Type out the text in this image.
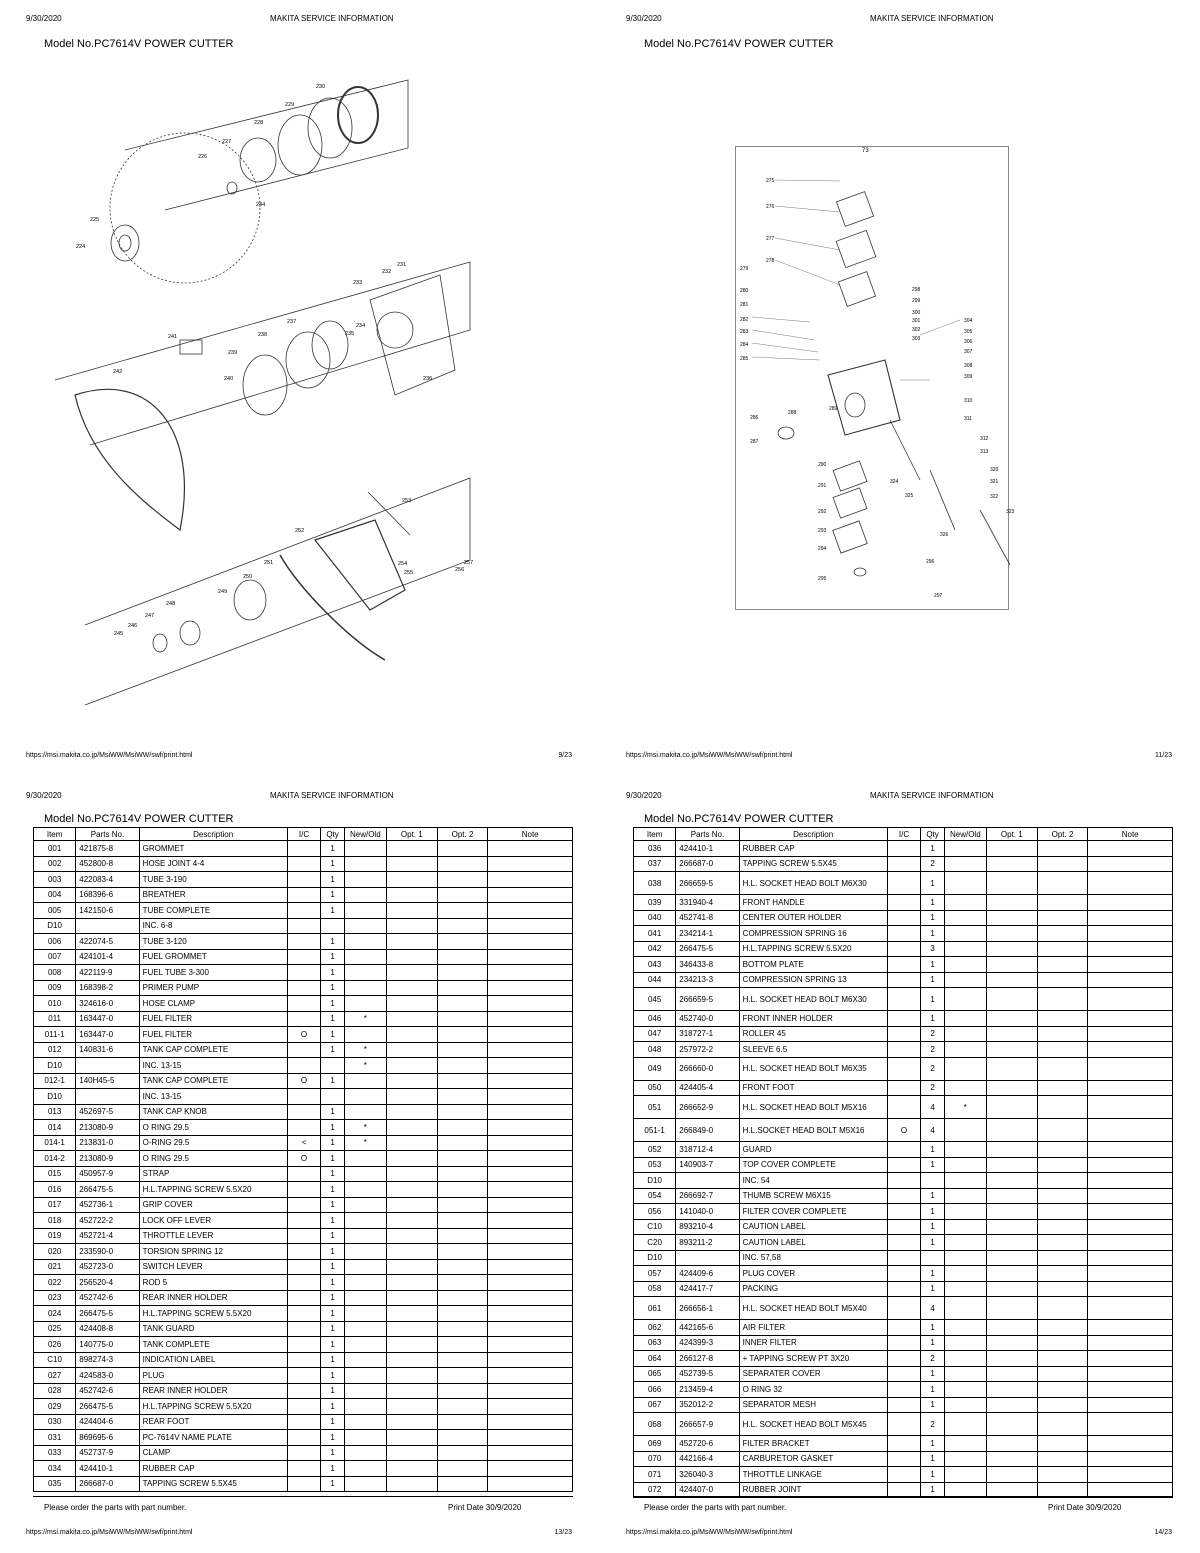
9/30/2020	MAKITA SERVICE INFORMATION
Model No.PC7614V POWER CUTTER
230
229
228
227
226
244
225
224
231
232
233
237
234
235
236
241	238
239
240
242
253
252
251
250
249
248
247
246
245
254
255	256
257
https://msi.makita.co.jp/MsiWW/MsiWW/swf/print.html	9/23
9/30/2020	MAKITA SERVICE INFORMATION
Model No.PC7614V POWER CUTTER
73
275
276
277
278
279
280
281
282
283
284
285
286
287
288
289
290
291
292
293
294
295
296
297
298
299
300
301
302
303
304
305
306
307
308
309
310
311
312
313
320
321
322
323
324
325
326
https://msi.makita.co.jp/MsiWW/MsiWW/swf/print.html	11/23
9/30/2020	MAKITA SERVICE INFORMATION
Model No.PC7614V POWER CUTTER
Item	Parts No.	Description	I/C	Qty	New/Old	Opt. 1	Opt. 2	Note
001	421875-8	GROMMET		1				
002	452800-8	HOSE JOINT 4-4		1				
003	422083-4	TUBE 3-190		1				
004	168396-6	BREATHER		1				
005	142150-6	TUBE COMPLETE		1				
D10		INC. 6-8						
006	422074-5	TUBE 3-120		1				
007	424101-4	FUEL GROMMET		1				
008	422119-9	FUEL TUBE 3-300		1				
009	168398-2	PRIMER PUMP		1				
010	324616-0	HOSE CLAMP		1				
011	163447-0	FUEL FILTER		1	*			
011-1	163447-0	FUEL FILTER	O	1				
012	140831-6	TANK CAP COMPLETE		1	*			
D10		INC. 13-15			*			
012-1	140H45-5	TANK CAP COMPLETE	O	1				
D10		INC. 13-15						
013	452697-5	TANK CAP KNOB		1				
014	213080-9	O RING 29.5		1	*			
014-1	213831-0	O-RING 29.5	<	1	*			
014-2	213080-9	O RING 29.5	O	1				
015	450957-9	STRAP		1				
016	266475-5	H.L.TAPPING SCREW 5.5X20		1				
017	452736-1	GRIP COVER		1				
018	452722-2	LOCK OFF LEVER		1				
019	452721-4	THROTTLE LEVER		1				
020	233590-0	TORSION SPRING 12		1				
021	452723-0	SWITCH LEVER		1				
022	256520-4	ROD 5		1				
023	452742-6	REAR INNER HOLDER		1				
024	266475-5	H.L.TAPPING SCREW 5.5X20		1				
025	424408-8	TANK GUARD		1				
026	140775-0	TANK COMPLETE		1				
C10	898274-3	INDICATION LABEL		1				
027	424583-0	PLUG		1				
028	452742-6	REAR INNER HOLDER		1				
029	266475-5	H.L.TAPPING SCREW 5.5X20		1				
030	424404-6	REAR FOOT		1				
031	869695-6	PC-7614V NAME PLATE		1				
033	452737-9	CLAMP		1				
034	424410-1	RUBBER CAP		1				
035	266687-0	TAPPING SCREW 5.5X45		1				
Please order the parts with part number.	Print Date 30/9/2020
https://msi.makita.co.jp/MsiWW/MsiWW/swf/print.html	13/23
9/30/2020	MAKITA SERVICE INFORMATION
Model No.PC7614V POWER CUTTER
Item	Parts No.	Description	I/C	Qty	New/Old	Opt. 1	Opt. 2	Note
036	424410-1	RUBBER CAP		1				
037	266687-0	TAPPING SCREW 5.5X45		2				
038	266659-5	H.L. SOCKET HEAD BOLT M6X30		1				
039	331940-4	FRONT HANDLE		1				
040	452741-8	CENTER OUTER HOLDER		1				
041	234214-1	COMPRESSION SPRING 16		1				
042	266475-5	H.L.TAPPING SCREW 5.5X20		3				
043	346433-8	BOTTOM PLATE		1				
044	234213-3	COMPRESSION SPRING 13		1				
045	266659-5	H.L. SOCKET HEAD BOLT M6X30		1				
046	452740-0	FRONT INNER HOLDER		1				
047	318727-1	ROLLER 45		2				
048	257972-2	SLEEVE 6.5		2				
049	266660-0	H.L. SOCKET HEAD BOLT M6X35		2				
050	424405-4	FRONT FOOT		2				
051	266652-9	H.L. SOCKET HEAD BOLT M5X16		4	*			
051-1	266849-0	H.L.SOCKET HEAD BOLT M5X16	O	4				
052	318712-4	GUARD		1				
053	140903-7	TOP COVER COMPLETE		1				
D10		INC. 54						
054	266692-7	THUMB SCREW M6X15		1				
056	141040-0	FILTER COVER COMPLETE		1				
C10	893210-4	CAUTION LABEL		1				
C20	893211-2	CAUTION LABEL		1				
D10		INC. 57,58						
057	424409-6	PLUG COVER		1				
058	424417-7	PACKING		1				
061	266656-1	H.L. SOCKET HEAD BOLT M5X40		4				
062	442165-6	AIR FILTER		1				
063	424399-3	INNER FILTER		1				
064	266127-8	+ TAPPING SCREW PT 3X20		2				
065	452739-5	SEPARATER COVER		1				
066	213459-4	O RING 32		1				
067	352012-2	SEPARATOR MESH		1				
068	266657-9	H.L. SOCKET HEAD BOLT M5X45		2				
069	452720-6	FILTER BRACKET		1				
070	442166-4	CARBURETOR GASKET		1				
071	326040-3	THROTTLE LINKAGE		1				
072	424407-0	RUBBER JOINT		1				
Please order the parts with part number.	Print Date 30/9/2020
https://msi.makita.co.jp/MsiWW/MsiWW/swf/print.html	14/23
